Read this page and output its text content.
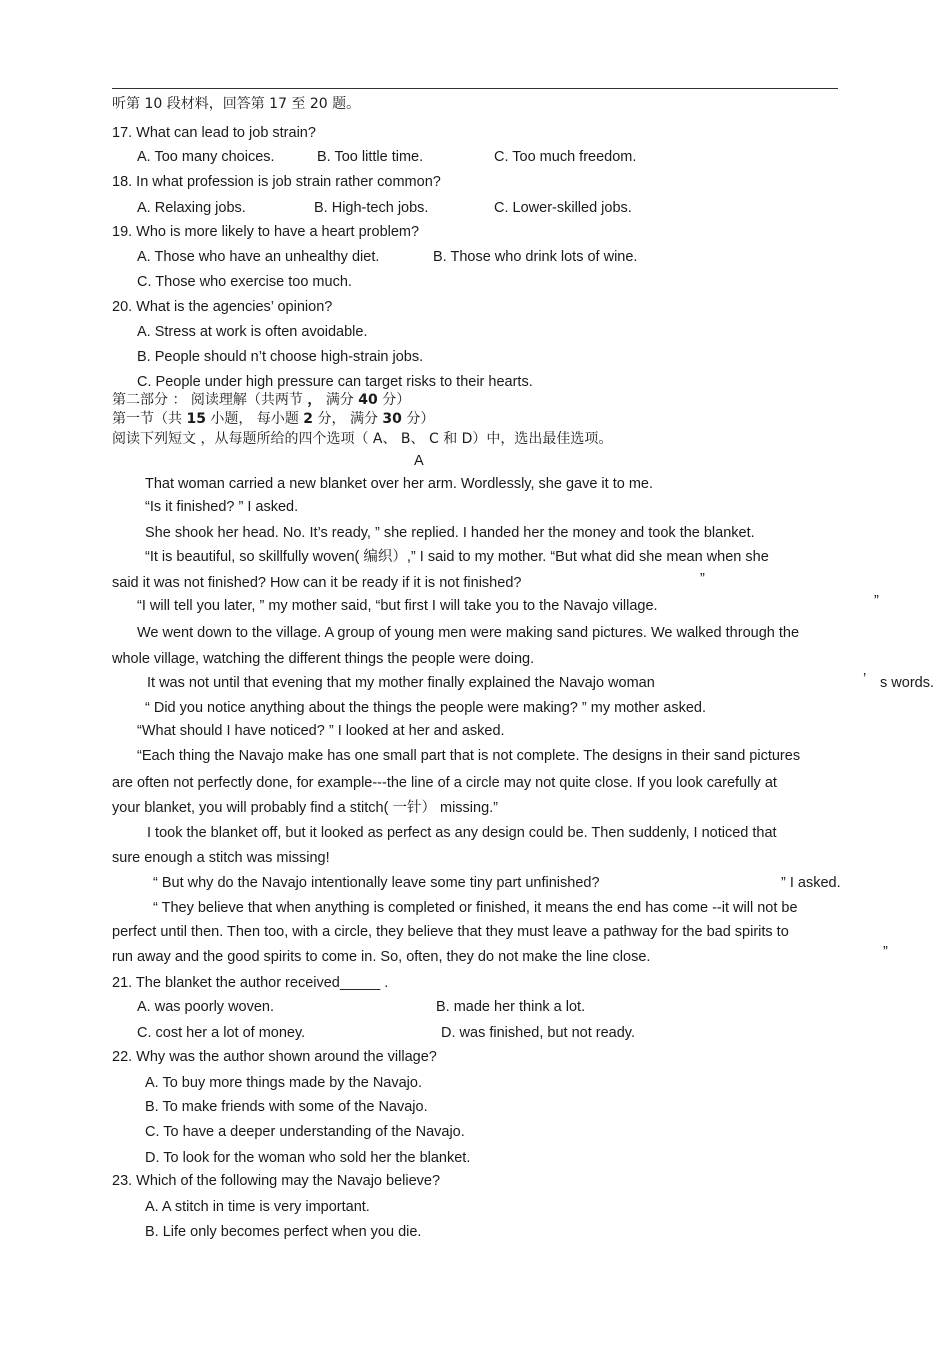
听第 10 段材料，回答第 17 至 20 题。
17. What can lead to job strain?
A. Too many choices.	B. Too little time.	C. Too much freedom.
18. In what profession is job strain rather common?
A. Relaxing jobs.	B. High-tech jobs.	C. Lower-skilled jobs.
19. Who is more likely to have a heart problem?
A. Those who have an unhealthy diet.	B. Those who drink lots of wine.
C. Those who exercise too much.
20. What is the agencies’ opinion?
A. Stress at work is often avoidable.
B. People should n’t choose high-strain jobs.
C. People under high pressure can target risks to their hearts.
第二部分 ： 阅读理解（共两节 ， 满分 40 分）
第一节（共 15 小题， 每小题 2 分， 满分 30 分）
阅读下列短文 ，从每题所给的四个选项（ A、 B、 C 和 D）中，选出最佳选项。
A
That woman carried a new blanket over her arm. Wordlessly, she gave it to me.
“Is it finished? ” I asked.
She shook her head. No. It’s ready, ” she replied. I handed her the money and took the blanket.
“It is beautiful, so skillfully woven( 编织）,” I said to my mother. “But what did she mean when she
said it was not finished? How can it be ready if it is not finished?	”
“I will tell you later, ” my mother said, “but first I will take you to the Navajo village.	”
We went down to the village. A group of young men were making sand pictures. We walked through the
whole village, watching the different things the people were doing.
It was not until that evening that my mother finally explained the Navajo woman	’ s words.
“ Did you notice anything about the things the people were making? ” my mother asked.
“What should I have noticed? ” I looked at her and asked.
“Each thing the Navajo make has one small part that is not complete. The designs in their sand pictures
are often not perfectly done, for example---the line of a circle may not quite close. If you look carefully at
your blanket, you will probably find a stitch( 一针） missing.”
I took the blanket off, but it looked as perfect as any design could be. Then suddenly, I noticed that
sure enough a stitch was missing!
“ But why do the Navajo intentionally leave some tiny part unfinished?	” I asked.
“ They believe that when anything is completed or finished, it means the end has come --it will not be
perfect until then. Then too, with a circle, they believe that they must leave a pathway for the bad spirits to
run away and the good spirits to come in. So, often, they do not make the line close.	”
21. The blanket the author received_____ .
A. was poorly woven.	B. made her think a lot.
C. cost her a lot of money.	D. was finished, but not ready.
22. Why was the author shown around the village?
A. To buy more things made by the Navajo.
B. To make friends with some of the Navajo.
C. To have a deeper understanding of the Navajo.
D. To look for the woman who sold her the blanket.
23. Which of the following may the Navajo believe?
A. A stitch in time is very important.
B. Life only becomes perfect when you die.
